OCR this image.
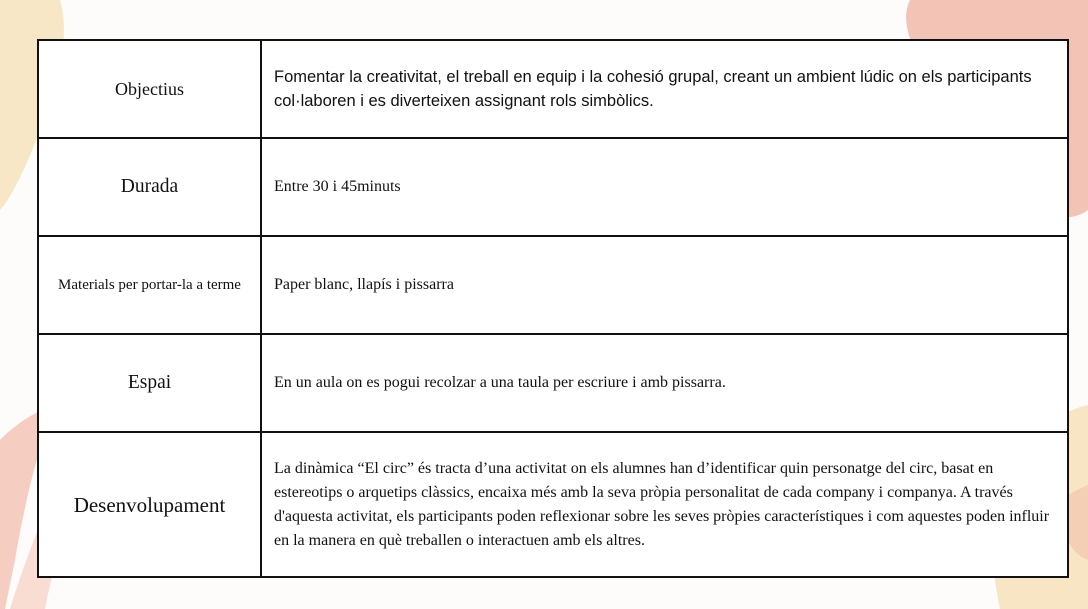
Objectius	Fomentar la creativitat, el treball en equip i la cohesió grupal, creant un ambient lúdic on els participants col·laboren i es diverteixen assignant rols simbòlics.
Durada	Entre 30 i 45minuts
Materials per portar-la a terme	Paper blanc, llapís i pissarra
Espai	En un aula on es pogui recolzar a una taula per escriure i amb pissarra.
Desenvolupament	La dinàmica “El circ” és tracta d’una activitat on els alumnes han d’identificar quin personatge del circ, basat en estereotips o arquetips clàssics, encaixa més amb la seva pròpia personalitat de cada company i companya. A través d'aquesta activitat, els participants poden reflexionar sobre les seves pròpies característiques i com aquestes poden influir en la manera en què treballen o interactuen amb els altres.
